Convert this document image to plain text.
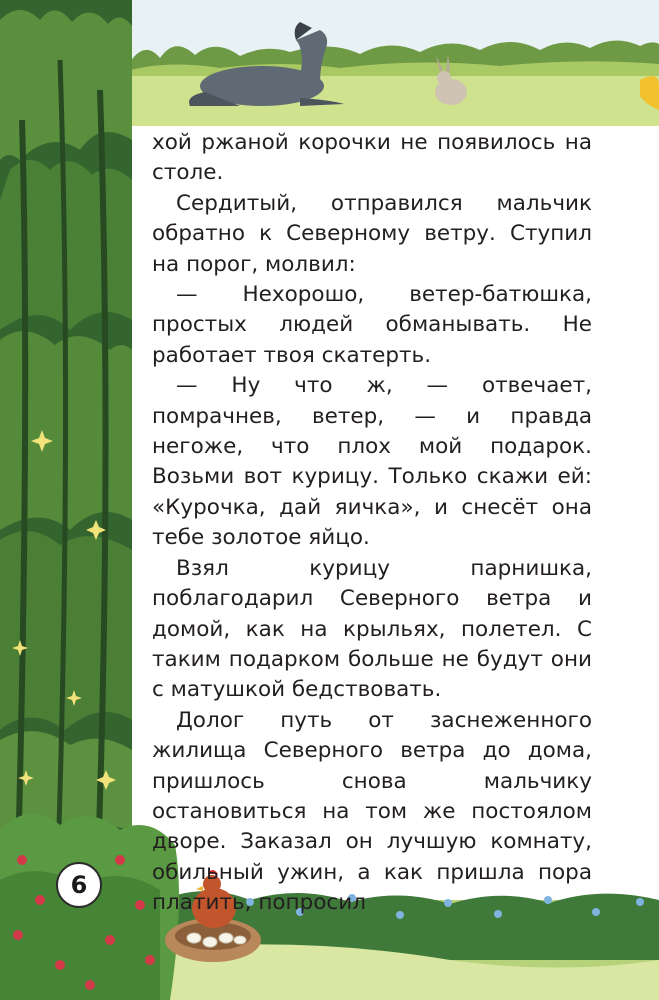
хой ржаной корочки не появилось на столе.

Сердитый, отправился мальчик обратно к Северному ветру. Ступил на порог, молвил:

— Нехорошо, ветер-батюшка, простых людей обманывать. Не работает твоя скатерть.

— Ну что ж, — отвечает, помрачнев, ветер, — и правда негоже, что плох мой подарок. Возьми вот курицу. Только скажи ей: «Курочка, дай яичка», и снесёт она тебе золотое яйцо.

Взял курицу парнишка, поблагодарил Северного ветра и домой, как на крыльях, полетел. С таким подарком больше не будут они с матушкой бедствовать.

Долог путь от заснеженного жилища Северного ветра до дома, пришлось снова мальчику остановиться на том же постоялом дворе. Заказал он лучшую комнату, обильный ужин, а как пришла пора платить, попросил

6
